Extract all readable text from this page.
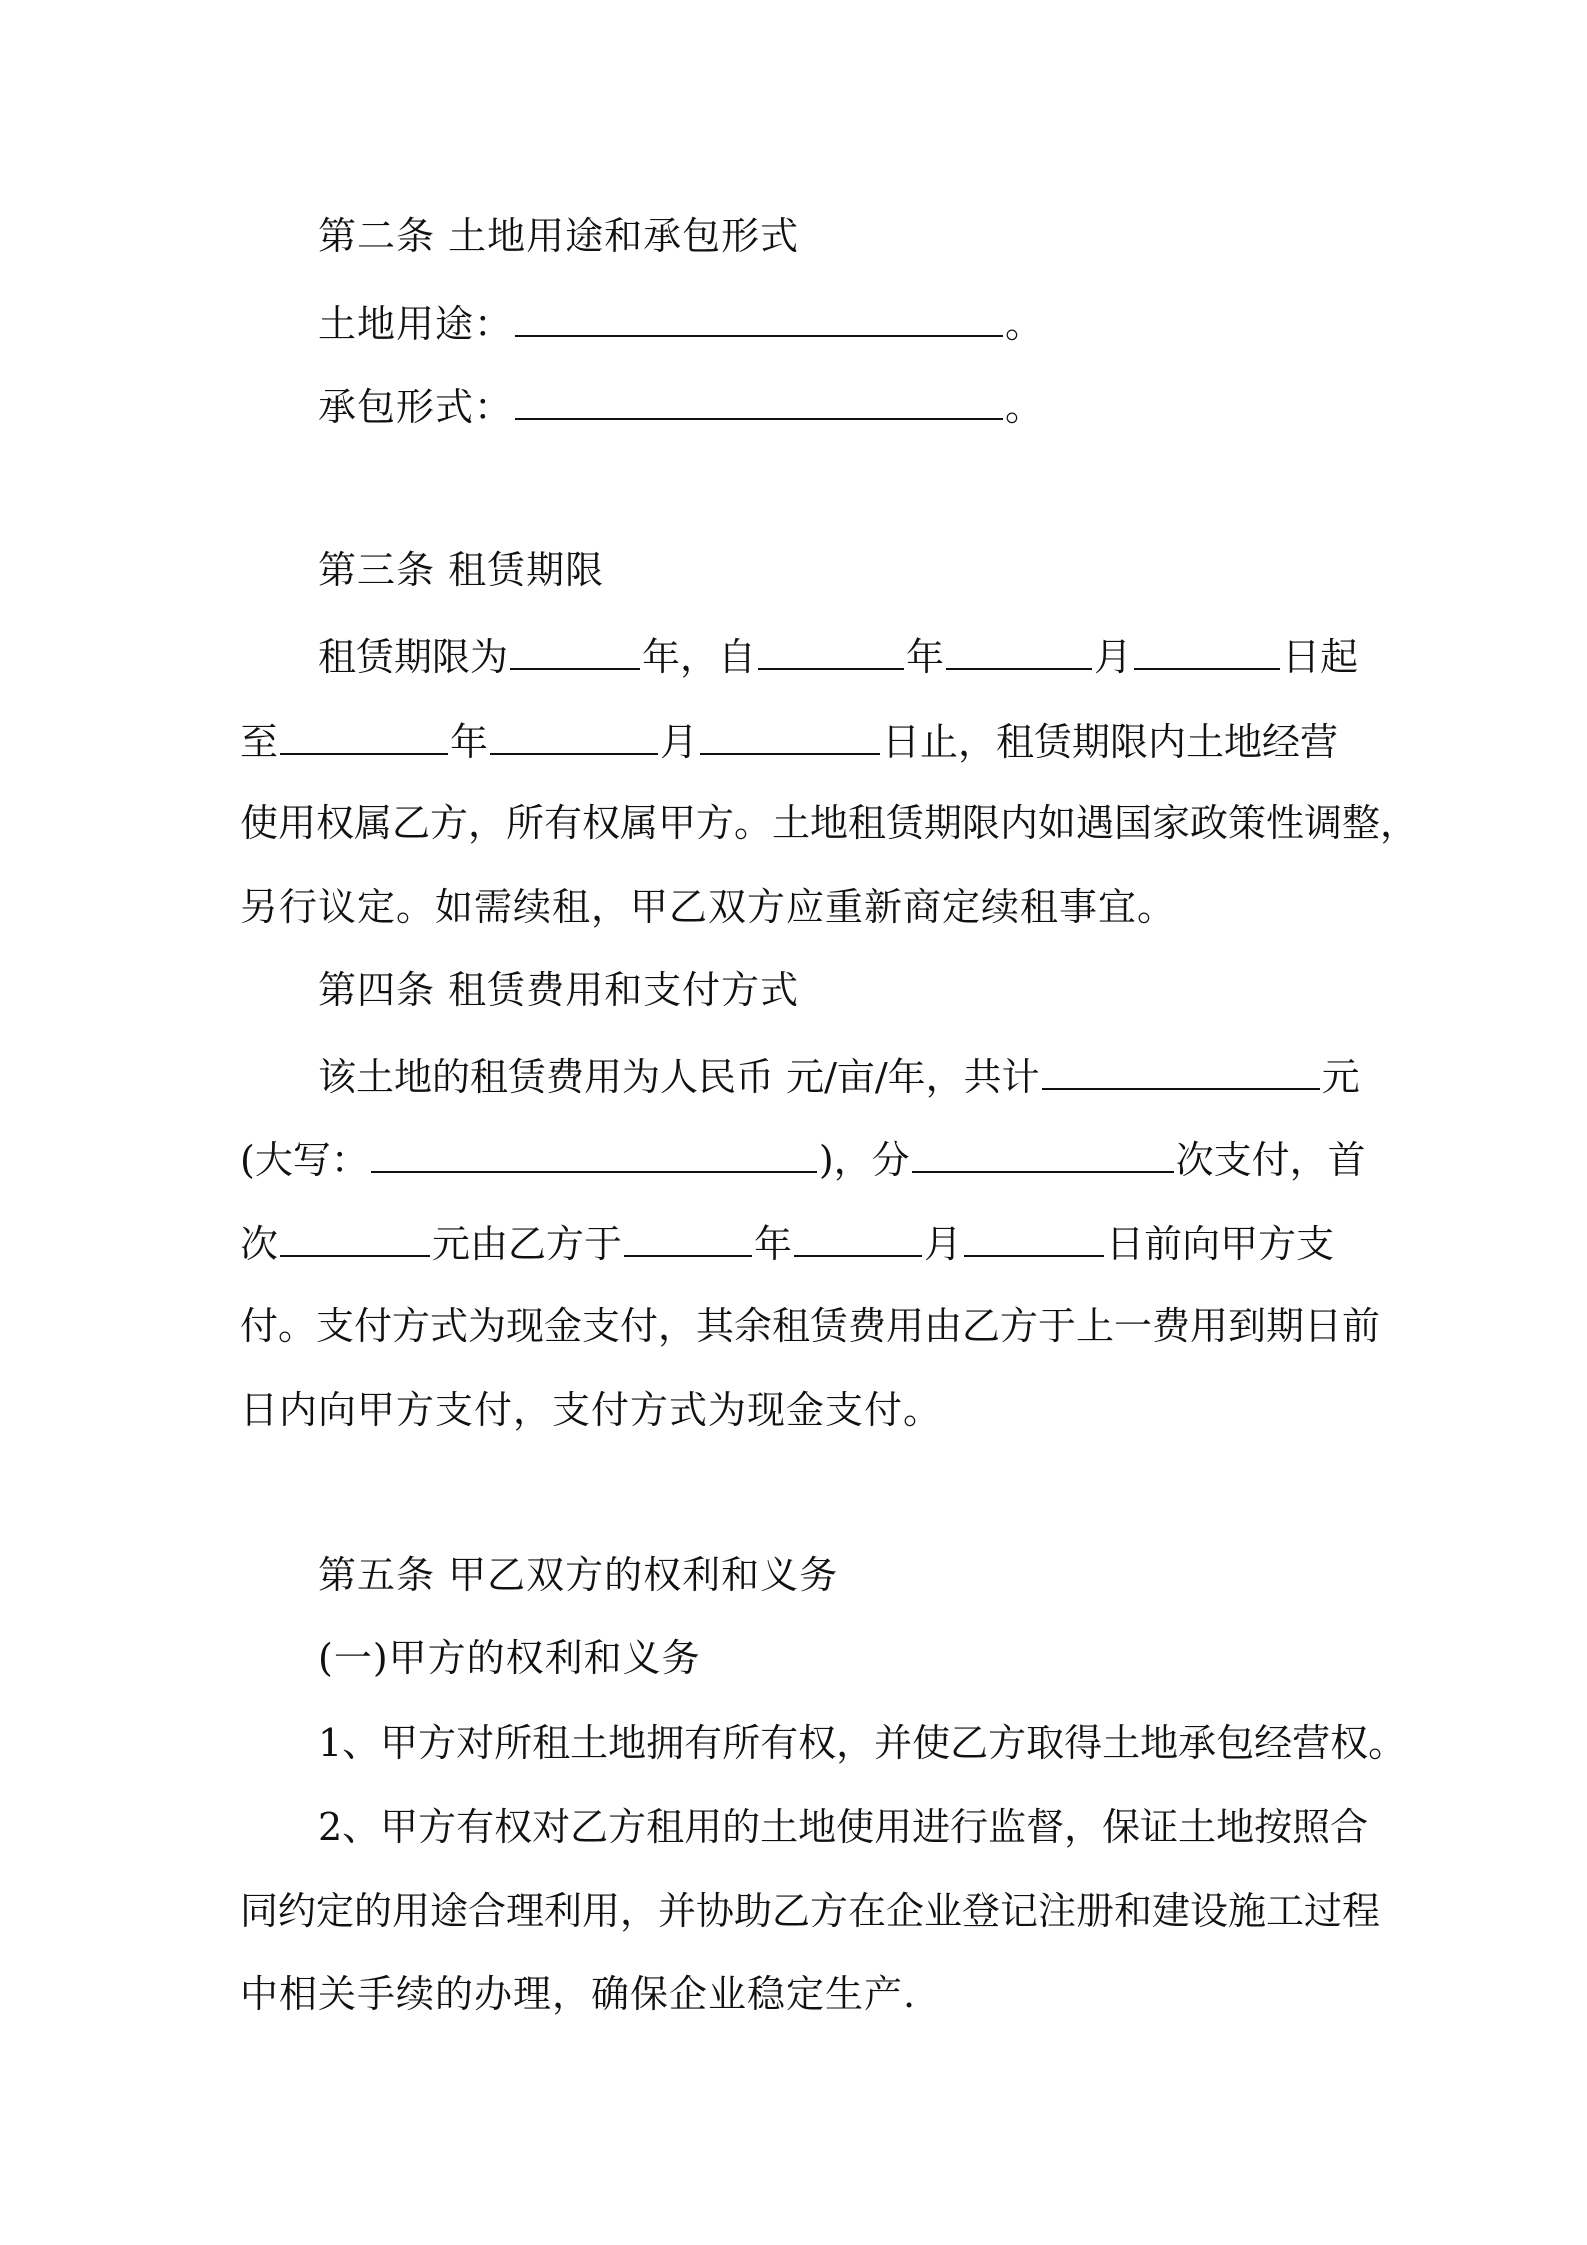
第二条 土地用途和承包形式
土地用途：	。
承包形式：	。
第三条 租赁期限
租赁期限为	年，自	年	月	日起
至	年	月	日止，租赁期限内土地经营
使用权属乙方，所有权属甲方。土地租赁期限内如遇国家政策性调整，
另行议定。如需续租，甲乙双方应重新商定续租事宜。
第四条 租赁费用和支付方式
该土地的租赁费用为人民币 元/亩/年，共计	元
(大写：	)，分	次支付，首
次	元由乙方于	年	月	日前向甲方支
付。支付方式为现金支付，其余租赁费用由乙方于上一费用到期日前
日内向甲方支付，支付方式为现金支付。
第五条 甲乙双方的权利和义务
(一)甲方的权利和义务
1、甲方对所租土地拥有所有权，并使乙方取得土地承包经营权。
2、甲方有权对乙方租用的土地使用进行监督，保证土地按照合
同约定的用途合理利用，并协助乙方在企业登记注册和建设施工过程
中相关手续的办理，确保企业稳定生产.
